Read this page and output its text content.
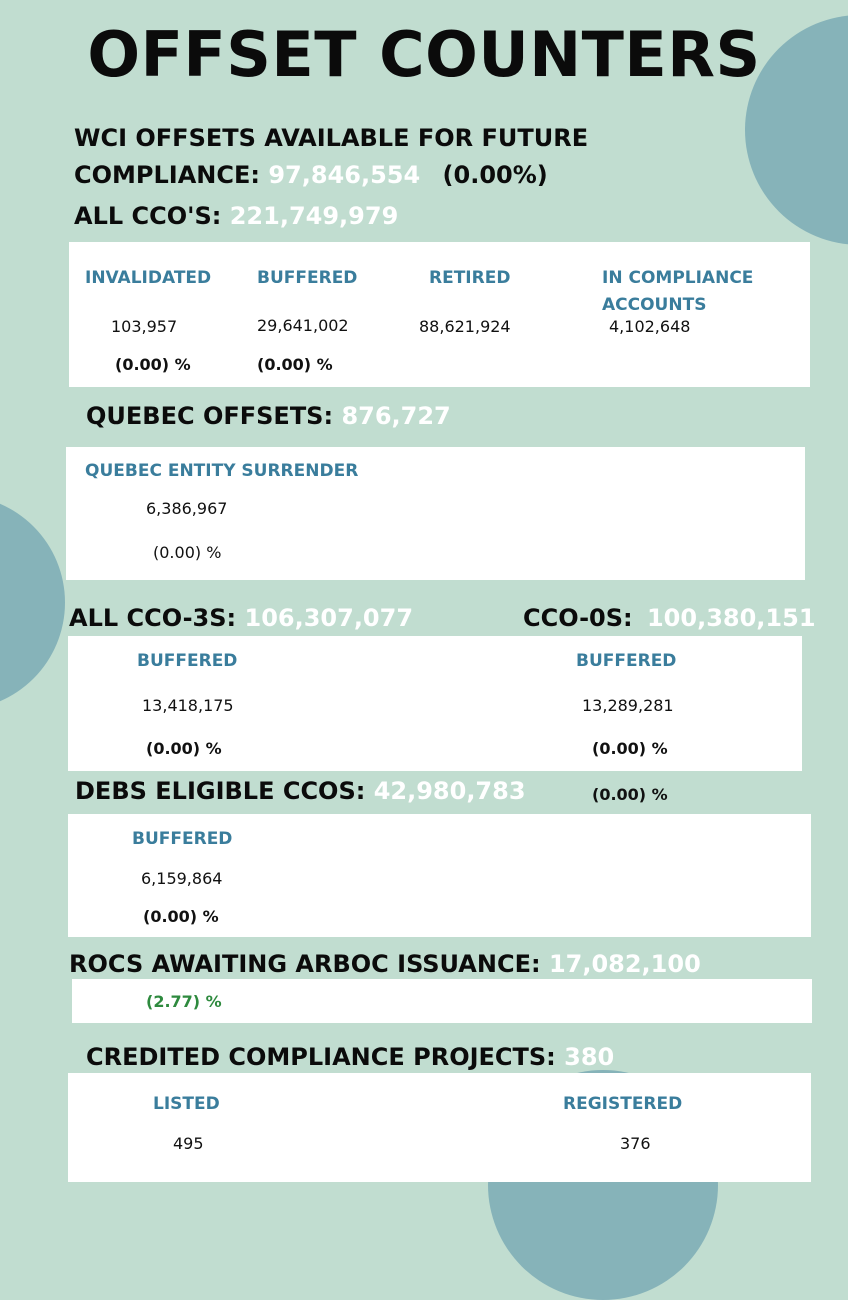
OFFSET COUNTERS
WCI OFFSETS AVAILABLE FOR FUTURE
COMPLIANCE: 97,846,554 (0.00%)
ALL CCO'S: 221,749,979
INVALIDATED
103,957
(0.00) %
BUFFERED
29,641,002
(0.00) %
RETIRED
88,621,924
IN COMPLIANCE
ACCOUNTS
4,102,648
QUEBEC OFFSETS: 876,727
QUEBEC ENTITY SURRENDER
6,386,967
(0.00) %
ALL CCO-3S: 106,307,077	CCO-0S: 100,380,151
BUFFERED
13,418,175
(0.00) %
BUFFERED
13,289,281
(0.00) %
DEBS ELIGIBLE CCOS: 42,980,783	(0.00) %
BUFFERED
6,159,864
(0.00) %
ROCS AWAITING ARBOC ISSUANCE: 17,082,100
(2.77) %
CREDITED COMPLIANCE PROJECTS: 380
LISTED
495
REGISTERED
376
